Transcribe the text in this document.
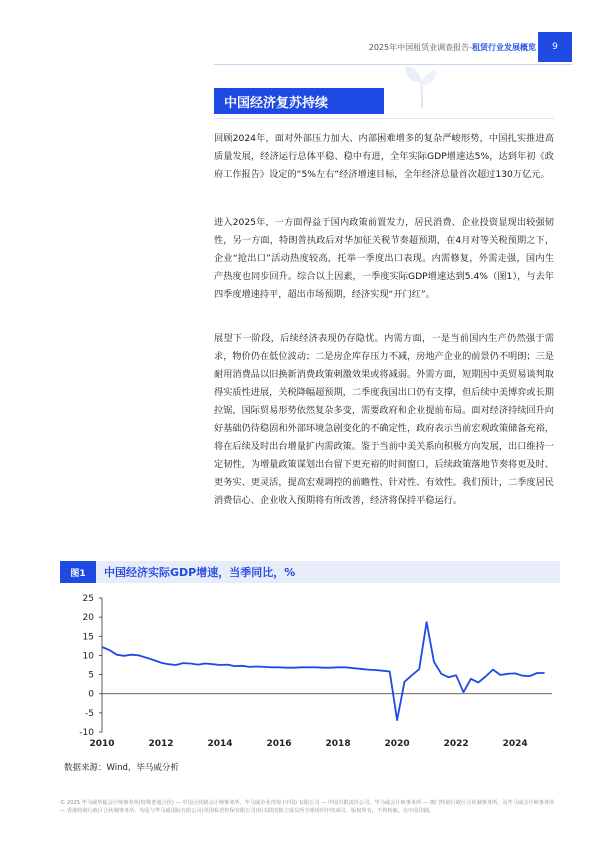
2025年中国租赁业调查报告-租赁行业发展概览	9
中国经济复苏持续

回顾2024年，面对外部压力加大、内部困难增多的复杂严峻形势，中国扎实推进高质量发展，经济运行总体平稳、稳中有进，全年实际GDP增速达5%，达到年初《政府工作报告》设定的“5%左右”经济增速目标，全年经济总量首次超过130万亿元。

进入2025年，一方面得益于国内政策前置发力，居民消费、企业投资显现出较强韧性，另一方面，特朗普执政后对华加征关税节奏超预期，在4月对等关税预期之下，企业“抢出口”活动热度较高，托举一季度出口表现。内需修复，外需走强，国内生产热度也同步回升。综合以上因素，一季度实际GDP增速达到5.4%（图1），与去年四季度增速持平，超出市场预期，经济实现“开门红”。

展望下一阶段，后续经济表现仍存隐忧。内需方面，一是当前国内生产仍然强于需求，物价仍在低位波动；二是房企库存压力不减，房地产企业的前景仍不明朗；三是耐用消费品以旧换新消费政策刺激效果或将减弱。外需方面，短期因中美贸易谈判取得实质性进展，关税降幅超预期，二季度我国出口仍有支撑，但后续中美博弈或长期拉锯，国际贸易形势依然复杂多变，需要政府和企业提前布局。面对经济持续回升向好基础仍待稳固和外部环境急剧变化的不确定性，政府表示当前宏观政策储备充裕，将在后续及时出台增量扩内需政策。鉴于当前中美关系向积极方向发展，出口维持一定韧性，为增量政策谋划出台留下更充裕的时间窗口，后续政策落地节奏将更及时、更务实、更灵活，提高宏观调控的前瞻性、针对性、有效性。我们预计，二季度居民消费信心、企业收入预期将有所改善，经济将保持平稳运行。

图1	中国经济实际GDP增速，当季同比，%
-10
-5
0
5
10
15
20
25
2010	2012	2014	2016	2018	2020	2022	2024
数据来源：Wind，毕马威分析
© 2025 毕马威华振会计师事务所(特殊普通合伙) — 中国合伙制会计师事务所、毕马威企业咨询 (中国) 有限公司 — 中国有限责任公司、毕马威会计师事务所 — 澳门特别行政区合伙制事务所，及毕马威会计师事务所 — 香港特别行政区合伙制事务所，均是与毕马威国际有限公司(英国私营担保有限公司)相关联的独立成员所全球组织中的成员。版权所有，不得转载。在中国印刷。
